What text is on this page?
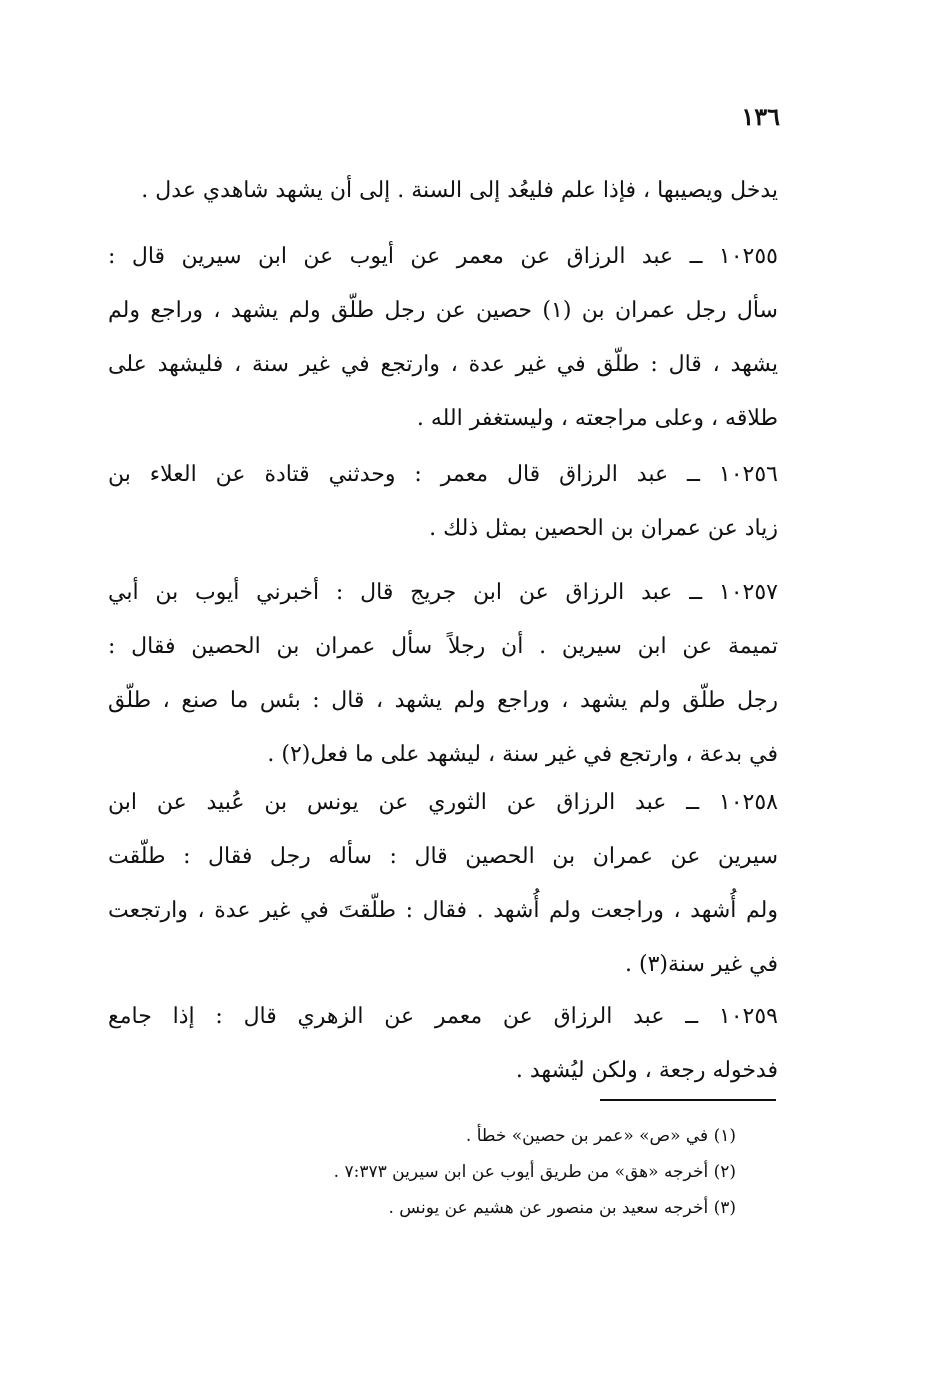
١٣٦
يدخل ويصيبها ، فإذا علم فليعُد إلى السنة . إلى أن يشهد شاهدي عدل .
١٠٢٥٥ ــ عبد الرزاق عن معمر عن أيوب عن ابن سيرين قال :
سأل رجل عمران بن (١) حصين عن رجل طلّق ولم يشهد ، وراجع ولم
يشهد ، قال : طلّق في غير عدة ، وارتجع في غير سنة ، فليشهد على
طلاقه ، وعلى مراجعته ، وليستغفر الله .
١٠٢٥٦ ــ عبد الرزاق قال معمر : وحدثني قتادة عن العلاء بن
زياد عن عمران بن الحصين بمثل ذلك .
١٠٢٥٧ ــ عبد الرزاق عن ابن جريج قال : أخبرني أيوب بن أبي
تميمة عن ابن سيرين . أن رجلاً سأل عمران بن الحصين فقال :
رجل طلّق ولم يشهد ، وراجع ولم يشهد ، قال : بئس ما صنع ، طلّق
في بدعة ، وارتجع في غير سنة ، ليشهد على ما فعل(٢) .
١٠٢٥٨ ــ عبد الرزاق عن الثوري عن يونس بن عُبيد عن ابن
سيرين عن عمران بن الحصين قال : سأله رجل فقال : طلّقت
ولم أُشهد ، وراجعت ولم أُشهد . فقال : طلّقتَ في غير عدة ، وارتجعت
في غير سنة(٣) .
١٠٢٥٩ ــ عبد الرزاق عن معمر عن الزهري قال : إذا جامع
فدخوله رجعة ، ولكن ليُشهد .
(١) في «ص» «عمر بن حصين» خطأ .
(٢) أخرجه «هق» من طريق أيوب عن ابن سيرين ٧:٣٧٣ .
(٣) أخرجه سعيد بن منصور عن هشيم عن يونس .
